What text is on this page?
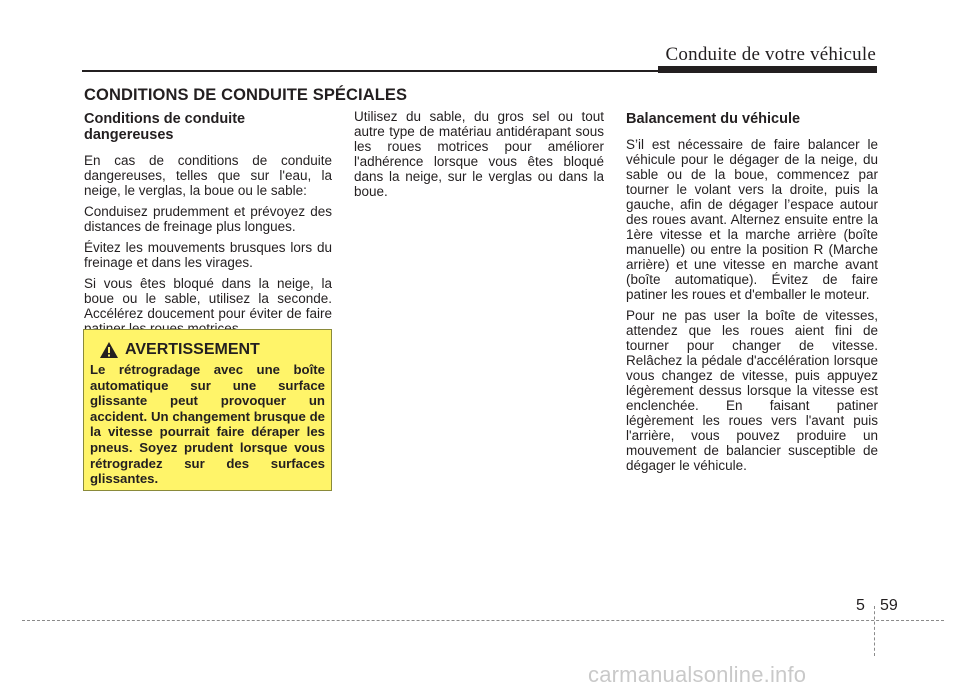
Conduite de votre véhicule
CONDITIONS DE CONDUITE SPÉCIALES
Conditions de conduite dangereuses

En cas de conditions de conduite dangereuses, telles que sur l'eau, la neige, le verglas, la boue ou le sable:

Conduisez prudemment et prévoyez des distances de freinage plus longues.

Évitez les mouvements brusques lors du freinage et dans les virages.

Si vous êtes bloqué dans la neige, la boue ou le sable, utilisez la seconde. Accélérez doucement pour éviter de faire

AVERTISSEMENT

Le rétrogradage avec une boîte automatique sur une surface glissante peut provoquer un accident. Un changement brusque de la vitesse pourrait faire déraper les pneus. Soyez prudent lorsque vous rétrogradez sur des surfaces glissantes.

Utilisez du sable, du gros sel ou tout autre type de matériau antidérapant sous les roues motrices pour améliorer l'adhérence lorsque vous êtes bloqué dans la neige, sur le verglas ou dans la boue.

Balancement du véhicule

S’il est nécessaire de faire balancer le véhicule pour le dégager de la neige, du sable ou de la boue, commencez par tourner le volant vers la droite, puis la gauche, afin de dégager l’espace autour des roues avant. Alternez ensuite entre la 1ère vitesse et la marche arrière (boîte manuelle) ou entre la position R (Marche arrière) et une vitesse en marche avant (boîte automatique). Évitez de faire patiner les roues et d'emballer le moteur.

Pour ne pas user la boîte de vitesses, attendez que les roues aient fini de tourner pour changer de vitesse. Relâchez la pédale d'accélération lorsque vous changez de vitesse, puis appuyez légèrement dessus lorsque la vitesse est enclenchée. En faisant patiner légèrement les roues vers l'avant puis l'arrière, vous pouvez produire un mouvement de balancier susceptible de dégager le véhicule.

5 59
carmanualsonline.info
